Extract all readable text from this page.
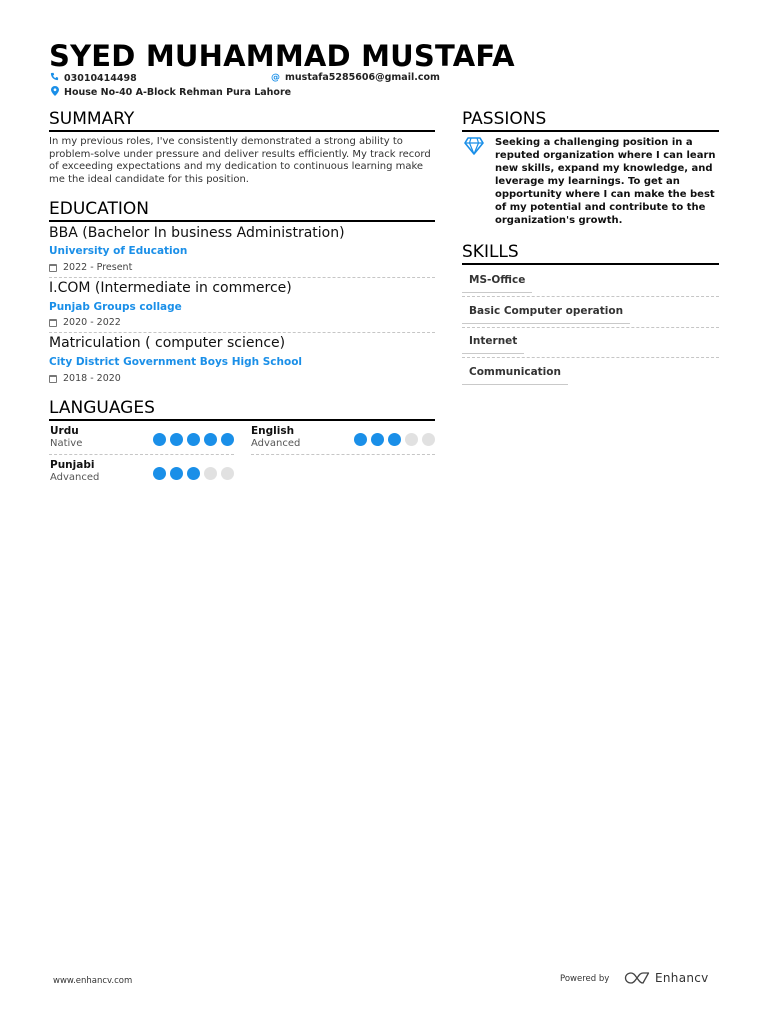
SYED MUHAMMAD MUSTAFA
03010414498	@ mustafa5285606@gmail.com
House No-40 A-Block Rehman Pura Lahore
SUMMARY
In my previous roles, I've consistently demonstrated a strong ability to
problem-solve under pressure and deliver results efficiently. My track record
of exceeding expectations and my dedication to continuous learning make
me the ideal candidate for this position.
EDUCATION
BBA (Bachelor In business Administration)
University of Education
2022 - Present
I.COM (Intermediate in commerce)
Punjab Groups collage
2020 - 2022
Matriculation ( computer science)
City District Government Boys High School
2018 - 2020
LANGUAGES
Urdu
Native
English
Advanced
Punjabi
Advanced
PASSIONS
Seeking a challenging position in a
reputed organization where I can learn
new skills, expand my knowledge, and
leverage my learnings. To get an
opportunity where I can make the best
of my potential and contribute to the
organization's growth.
SKILLS
MS-Office
Basic Computer operation
Internet
Communication
www.enhancv.com	Powered by	Enhancv
